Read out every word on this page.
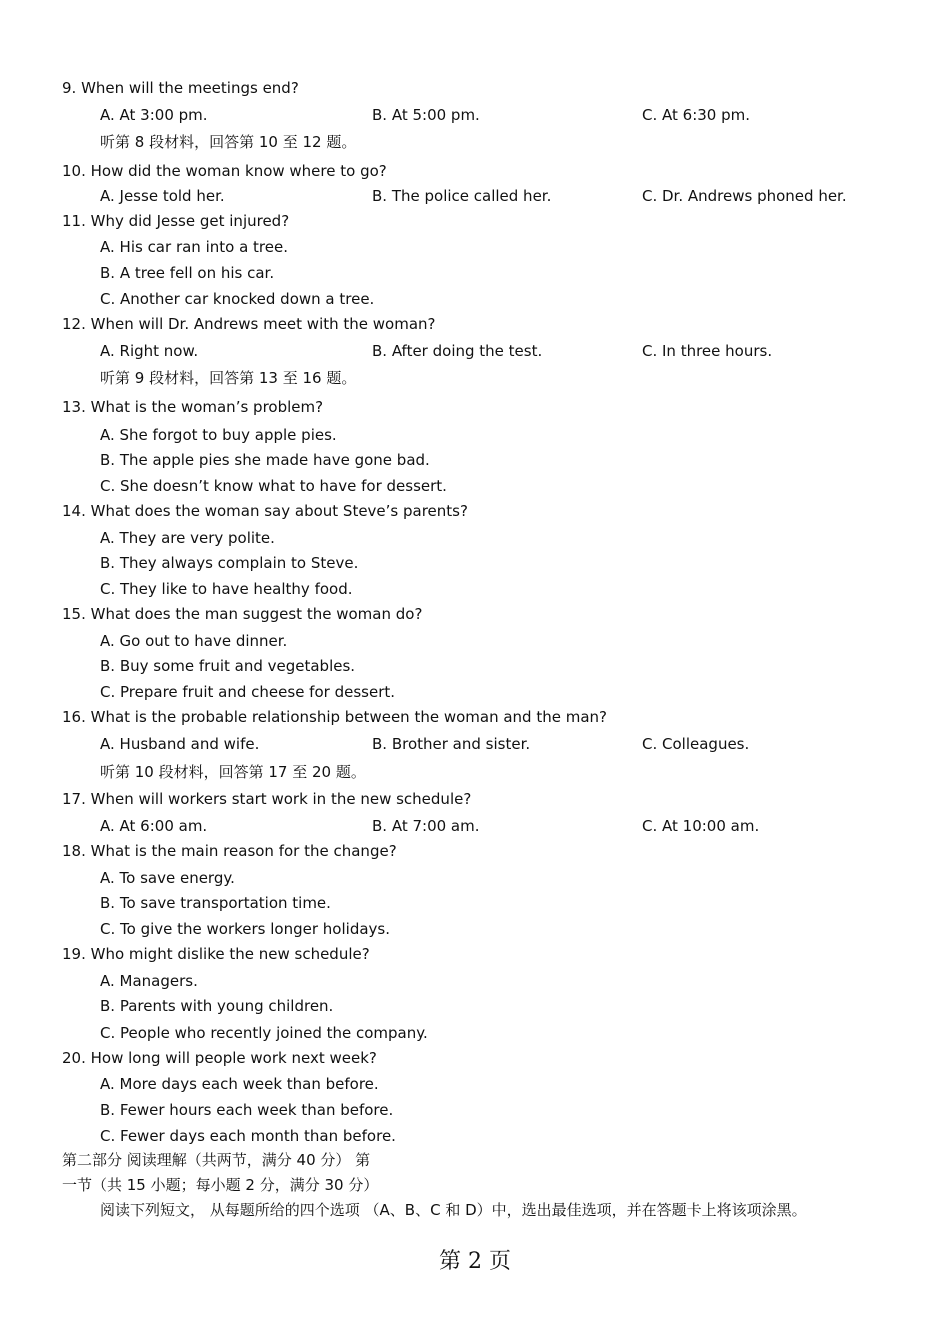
9. When will the meetings end?
A. At 3:00 pm.	B. At 5:00 pm.	C. At 6:30 pm.
听第 8 段材料，回答第 10 至 12 题。
10. How did the woman know where to go?
A. Jesse told her.	B. The police called her.	C. Dr. Andrews phoned her.
11. Why did Jesse get injured?
A. His car ran into a tree.
B. A tree fell on his car.
C. Another car knocked down a tree.
12. When will Dr. Andrews meet with the woman?
A. Right now.	B. After doing the test.	C. In three hours.
听第 9 段材料，回答第 13 至 16 题。
13. What is the woman’s problem?
A. She forgot to buy apple pies.
B. The apple pies she made have gone bad.
C. She doesn’t know what to have for dessert.
14. What does the woman say about Steve’s parents?
A. They are very polite.
B. They always complain to Steve.
C. They like to have healthy food.
15. What does the man suggest the woman do?
A. Go out to have dinner.
B. Buy some fruit and vegetables.
C. Prepare fruit and cheese for dessert.
16. What is the probable relationship between the woman and the man?
A. Husband and wife.	B. Brother and sister.	C. Colleagues.
听第 10 段材料，回答第 17 至 20 题。
17. When will workers start work in the new schedule?
A. At 6:00 am.	B. At 7:00 am.	C. At 10:00 am.
18. What is the main reason for the change?
A. To save energy.
B. To save transportation time.
C. To give the workers longer holidays.
19. Who might dislike the new schedule?
A. Managers.
B. Parents with young children.
C. People who recently joined the company.
20. How long will people work next week?
A. More days each week than before.
B. Fewer hours each week than before.
C. Fewer days each month than before.
第二部分 阅读理解（共两节，满分 40 分） 第
一节（共 15 小题；每小题 2 分，满分 30 分）
阅读下列短文， 从每题所给的四个选项 （A、B、C 和 D）中，选出最佳选项，并在答题卡上将该项涂黑。
第 2 页
